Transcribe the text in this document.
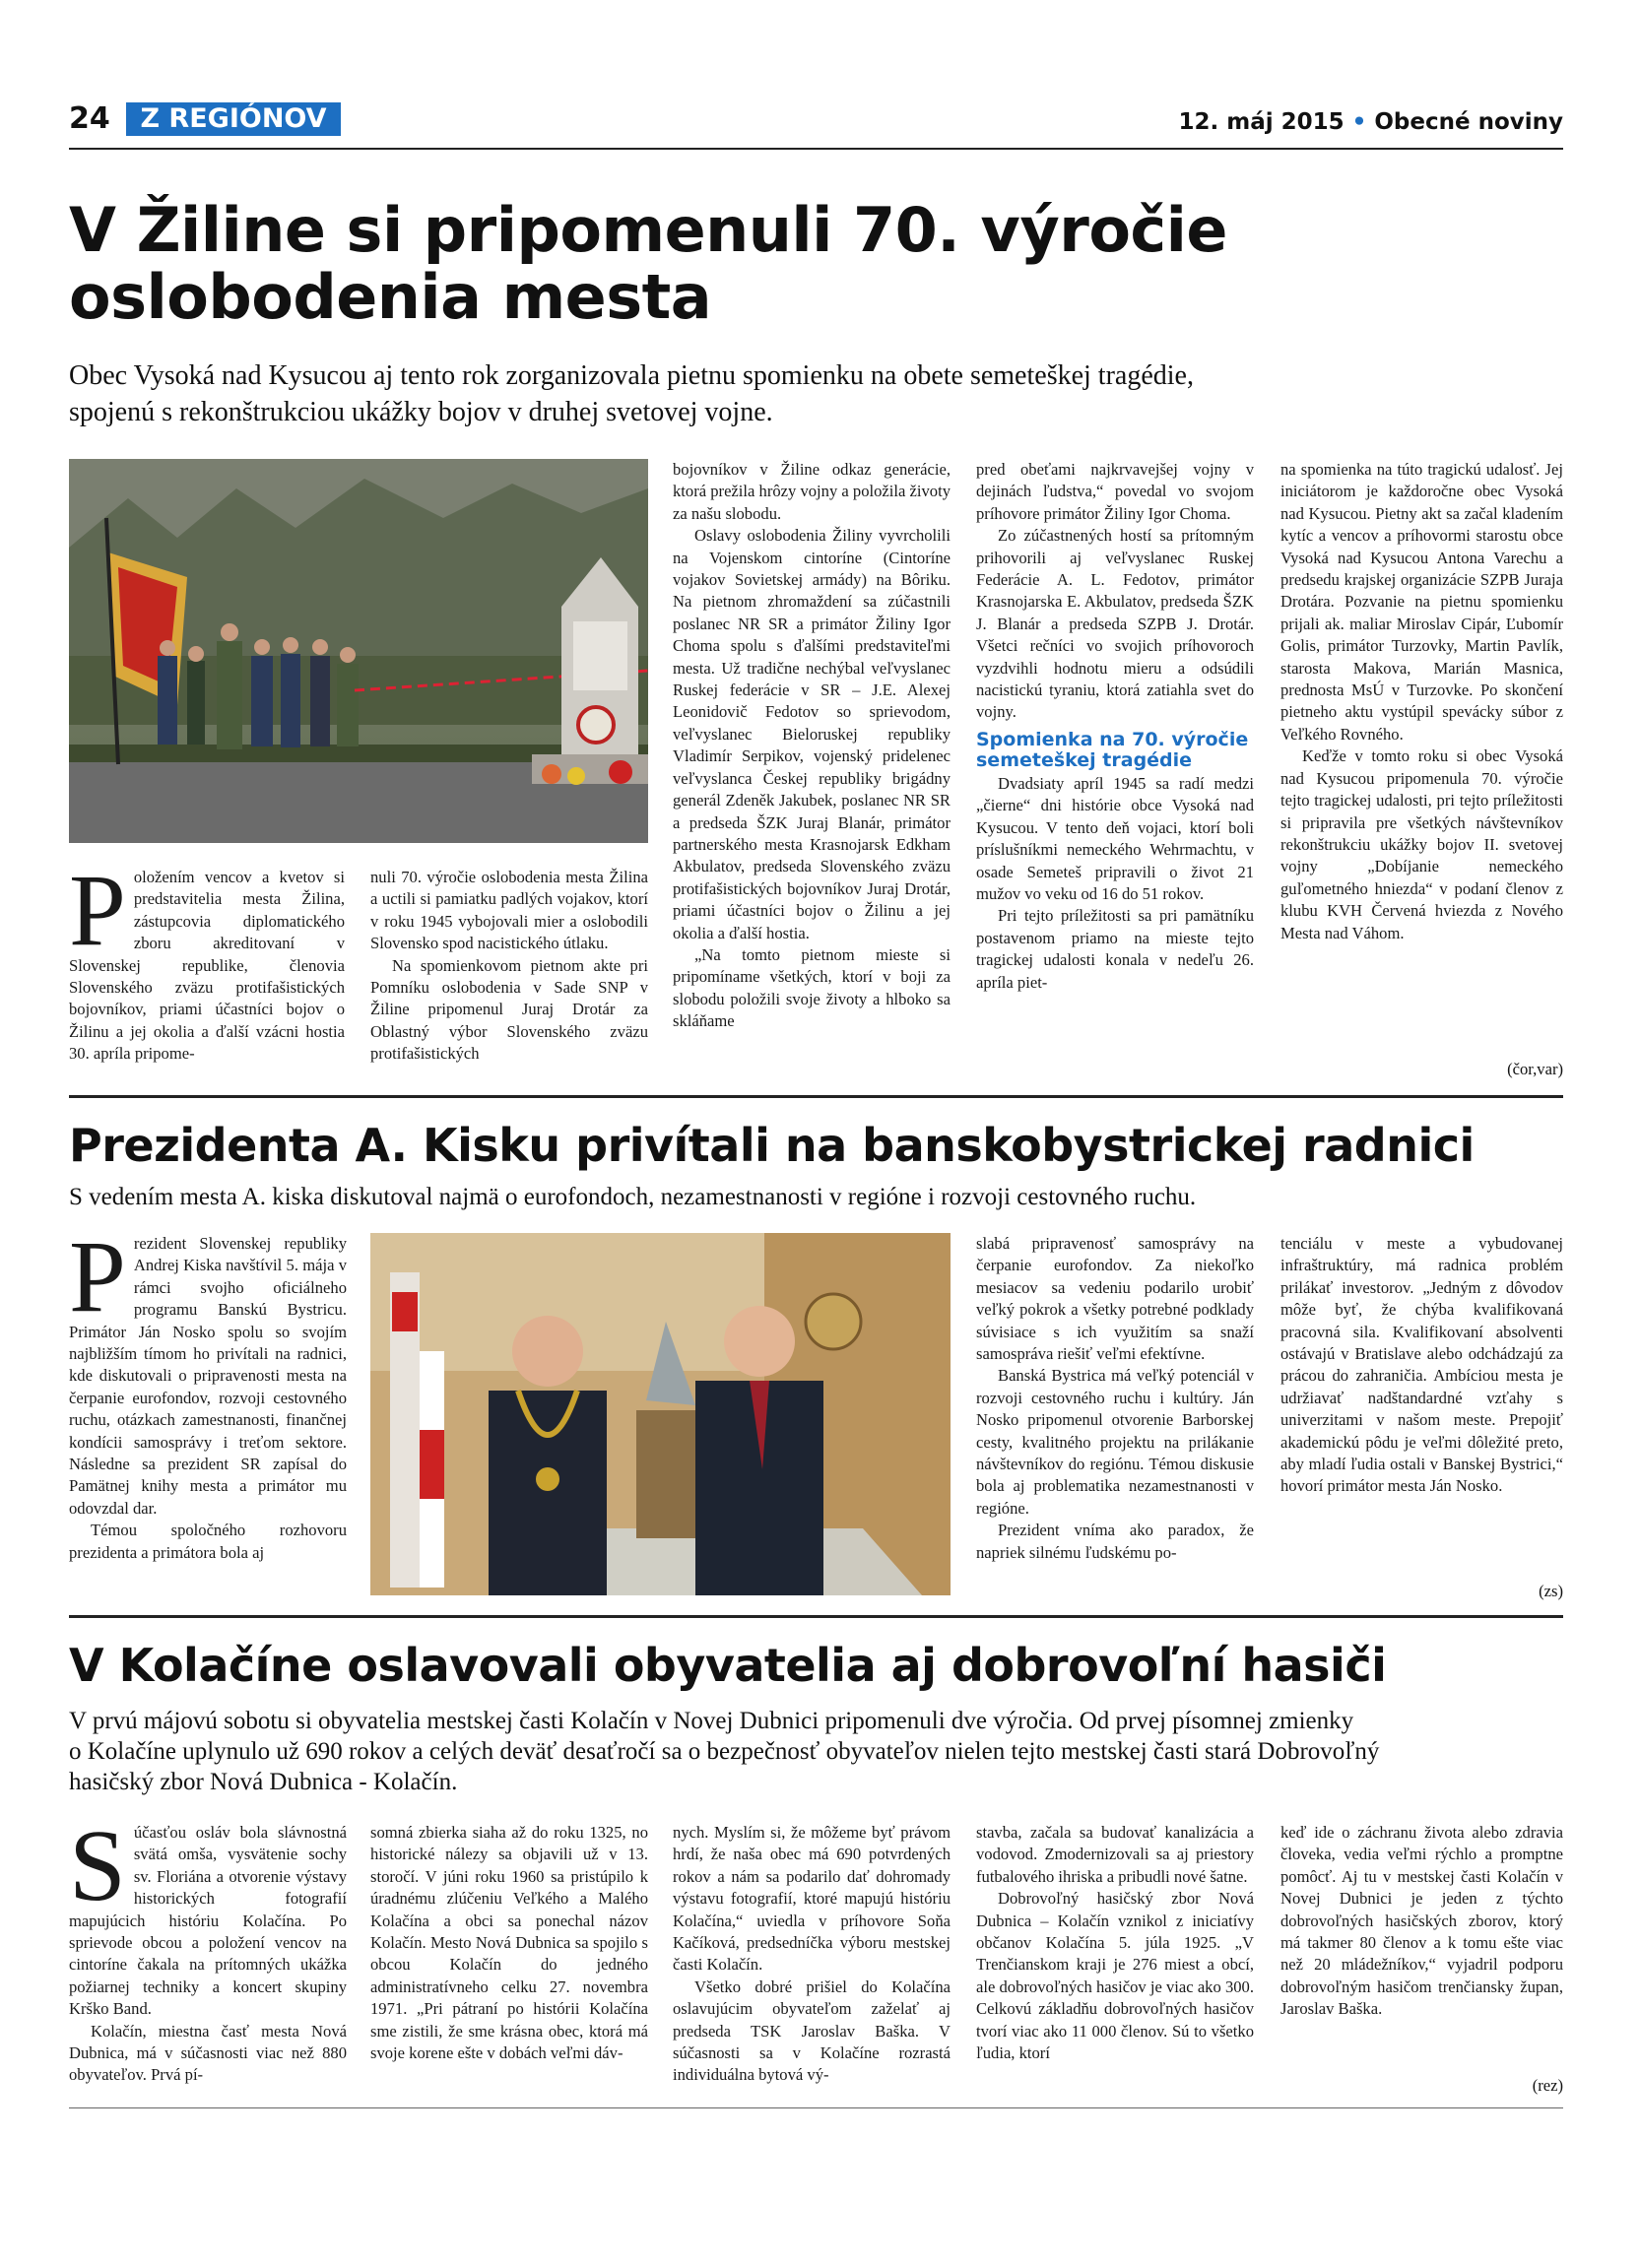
24	Z REGIÓNOV	12. máj 2015 • Obecné noviny
V Žiline si pripomenuli 70. výročie
oslobodenia mesta
Obec Vysoká nad Kysucou aj tento rok zorganizovala pietnu spomienku na obete semeteškej tragédie,
spojenú s rekonštrukciou ukážky bojov v druhej svetovej vojne.
P oložením vencov a kvetov si predstavitelia mesta Žilina, zástupcovia diplomatického zboru akreditovaní v Slovenskej republike, členovia Slovenského zväzu protifašistických bojovníkov, priami účastníci bojov o Žilinu a jej okolia a ďalší vzácni hostia 30. apríla pripome-

nuli 70. výročie oslobodenia mesta Žilina a uctili si pamiatku padlých vojakov, ktorí v roku 1945 vybojovali mier a oslobodili Slovensko spod nacistického útlaku.

Na spomienkovom pietnom akte pri Pomníku oslobodenia v Sade SNP v Žiline pripomenul Juraj Drotár za Oblastný výbor Slovenského zväzu protifašistických

bojovníkov v Žiline odkaz generácie, ktorá prežila hrôzy vojny a položila životy za našu slobodu.

Oslavy oslobodenia Žiliny vyvrcholili na Vojenskom cintoríne (Cintoríne vojakov Sovietskej armády) na Bôriku. Na pietnom zhromaždení sa zúčastnili poslanec NR SR a primátor Žiliny Igor Choma spolu s ďalšími predstaviteľmi mesta. Už tradične nechýbal veľvyslanec Ruskej federácie v SR – J.E. Alexej Leonidovič Fedotov so sprievodom, veľvyslanec Bieloruskej republiky Vladimír Serpikov, vojenský pridelenec veľvyslanca Českej republiky brigádny generál Zdeněk Jakubek, poslanec NR SR a predseda ŠZK Juraj Blanár, primátor partnerského mesta Krasnojarsk Edkham Akbulatov, predseda Slovenského zväzu protifašistických bojovníkov Juraj Drotár, priami účastníci bojov o Žilinu a jej okolia a ďalší hostia.

„Na tomto pietnom mieste si pripomíname všetkých, ktorí v boji za slobodu položili svoje životy a hlboko sa skláňame

pred obeťami najkrvavejšej vojny v dejinách ľudstva,“ povedal vo svojom príhovore primátor Žiliny Igor Choma.

Zo zúčastnených hostí sa prítomným prihovorili aj veľvyslanec Ruskej Federácie A. L. Fedotov, primátor Krasnojarska E. Akbulatov, predseda ŠZK J. Blanár a predseda SZPB J. Drotár. Všetci rečníci vo svojich príhovoroch vyzdvihli hodnotu mieru a odsúdili nacistickú tyraniu, ktorá zatiahla svet do vojny.

Spomienka na 70. výročie semeteškej tragédie

Dvadsiaty apríl 1945 sa radí medzi „čierne“ dni histórie obce Vysoká nad Kysucou. V tento deň vojaci, ktorí boli príslušníkmi nemeckého Wehrmachtu, v osade Semeteš pripravili o život 21 mužov vo veku od 16 do 51 rokov.

Pri tejto príležitosti sa pri pamätníku postavenom priamo na mieste tejto tragickej udalosti konala v nedeľu 26. apríla piet-

na spomienka na túto tragickú udalosť. Jej iniciátorom je každoročne obec Vysoká nad Kysucou. Pietny akt sa začal kladením kytíc a vencov a príhovormi starostu obce Vysoká nad Kysucou Antona Varechu a predsedu krajskej organizácie SZPB Juraja Drotára. Pozvanie na pietnu spomienku prijali ak. maliar Miroslav Cipár, Ľubomír Golis, primátor Turzovky, Martin Pavlík, starosta Makova, Marián Masnica, prednosta MsÚ v Turzovke. Po skončení pietneho aktu vystúpil spevácky súbor z Veľkého Rovného.

Keďže v tomto roku si obec Vysoká nad Kysucou pripomenula 70. výročie tejto tragickej udalosti, pri tejto príležitosti si pripravila pre všetkých návštevníkov rekonštrukciu ukážky bojov II. svetovej vojny „Dobíjanie nemeckého guľometného hniezda“ v podaní členov z klubu KVH Červená hviezda z Nového Mesta nad Váhom.

(čor,var)
Prezidenta A. Kisku privítali na banskobystrickej radnici
S vedením mesta A. kiska diskutoval najmä o eurofondoch, nezamestnanosti v regióne i rozvoji cestovného ruchu.
P rezident Slovenskej republiky Andrej Kiska navštívil 5. mája v rámci svojho oficiálneho programu Banskú Bystricu. Primátor Ján Nosko spolu so svojím najbližším tímom ho privítali na radnici, kde diskutovali o pripravenosti mesta na čerpanie eurofondov, rozvoji cestovného ruchu, otázkach zamestnanosti, finančnej kondícii samosprávy i treťom sektore. Následne sa prezident SR zapísal do Pamätnej knihy mesta a primátor mu odovzdal dar.

Témou spoločného rozhovoru prezidenta a primátora bola aj

slabá pripravenosť samosprávy na čerpanie eurofondov. Za niekoľko mesiacov sa vedeniu podarilo urobiť veľký pokrok a všetky potrebné podklady súvisiace s ich využitím sa snaží samospráva riešiť veľmi efektívne.

Banská Bystrica má veľký potenciál v rozvoji cestovného ruchu i kultúry. Ján Nosko pripomenul otvorenie Barborskej cesty, kvalitného projektu na prilákanie návštevníkov do regiónu. Témou diskusie bola aj problematika nezamestnanosti v regióne.

Prezident vníma ako paradox, že napriek silnému ľudskému po-

tenciálu v meste a vybudovanej infraštruktúry, má radnica problém prilákať investorov. „Jedným z dôvodov môže byť, že chýba kvalifikovaná pracovná sila. Kvalifikovaní absolventi ostávajú v Bratislave alebo odchádzajú za prácou do zahraničia. Ambíciou mesta je udržiavať nadštandardné vzťahy s univerzitami v našom meste. Prepojiť akademickú pôdu je veľmi dôležité preto, aby mladí ľudia ostali v Banskej Bystrici,“ hovorí primátor mesta Ján Nosko.

(zs)
V Kolačíne oslavovali obyvatelia aj dobrovoľní hasiči
V prvú májovú sobotu si obyvatelia mestskej časti Kolačín v Novej Dubnici pripomenuli dve výročia. Od prvej písomnej zmienky
o Kolačíne uplynulo už 690 rokov a celých deväť desaťročí sa o bezpečnosť obyvateľov nielen tejto mestskej časti stará Dobrovoľný
hasičský zbor Nová Dubnica - Kolačín.
S účasťou osláv bola slávnostná svätá omša, vysvätenie sochy sv. Floriána a otvorenie výstavy historických fotografií mapujúcich históriu Kolačína. Po sprievode obcou a položení vencov na cintoríne čakala na prítomných ukážka požiarnej techniky a koncert skupiny Krško Band.

Kolačín, miestna časť mesta Nová Dubnica, má v súčasnosti viac než 880 obyvateľov. Prvá pí-

somná zbierka siaha až do roku 1325, no historické nálezy sa objavili už v 13. storočí. V júni roku 1960 sa pristúpilo k úradnému zlúčeniu Veľkého a Malého Kolačína a obci sa ponechal názov Kolačín. Mesto Nová Dubnica sa spojilo s obcou Kolačín do jedného administratívneho celku 27. novembra 1971. „Pri pátraní po histórii Kolačína sme zistili, že sme krásna obec, ktorá má svoje korene ešte v dobách veľmi dáv-

nych. Myslím si, že môžeme byť právom hrdí, že naša obec má 690 potvrdených rokov a nám sa podarilo dať dohromady výstavu fotografií, ktoré mapujú históriu Kolačína,“ uviedla v príhovore Soňa Kačíková, predsedníčka výboru mestskej časti Kolačín.

Všetko dobré prišiel do Kolačína oslavujúcim obyvateľom zaželať aj predseda TSK Jaroslav Baška. V súčasnosti sa v Kolačíne rozrastá individuálna bytová vý-

stavba, začala sa budovať kanalizácia a vodovod. Zmodernizovali sa aj priestory futbalového ihriska a pribudli nové šatne.

Dobrovoľný hasičský zbor Nová Dubnica – Kolačín vznikol z iniciatívy občanov Kolačína 5. júla 1925. „V Trenčianskom kraji je 276 miest a obcí, ale dobrovoľných hasičov je viac ako 300. Celkovú základňu dobrovoľných hasičov tvorí viac ako 11 000 členov. Sú to všetko ľudia, ktorí

keď ide o záchranu života alebo zdravia človeka, vedia veľmi rýchlo a promptne pomôcť. Aj tu v mestskej časti Kolačín v Novej Dubnici je jeden z týchto dobrovoľných hasičských zborov, ktorý má takmer 80 členov a k tomu ešte viac než 20 mládežníkov,“ vyjadril podporu dobrovoľným hasičom trenčiansky župan, Jaroslav Baška.

(rez)
